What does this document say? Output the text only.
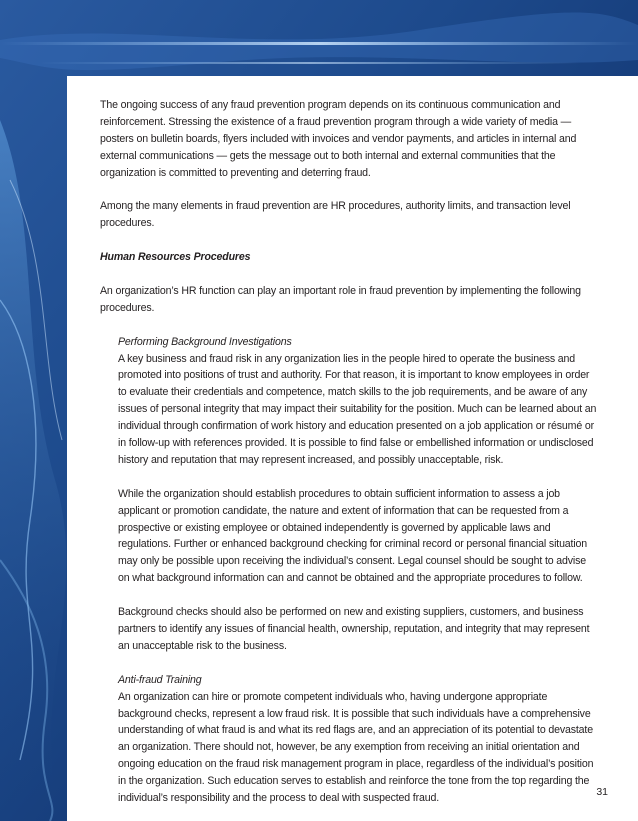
The ongoing success of any fraud prevention program depends on its continuous communication and reinforcement. Stressing the existence of a fraud prevention program through a wide variety of media — posters on bulletin boards, flyers included with invoices and vendor payments, and articles in internal and external communications — gets the message out to both internal and external communities that the organization is committed to preventing and deterring fraud.

Among the many elements in fraud prevention are HR procedures, authority limits, and transaction level procedures.

Human Resources Procedures

An organization’s HR function can play an important role in fraud prevention by implementing the following procedures.

Performing Background Investigations

A key business and fraud risk in any organization lies in the people hired to operate the business and promoted into positions of trust and authority. For that reason, it is important to know employees in order to evaluate their credentials and competence, match skills to the job requirements, and be aware of any issues of personal integrity that may impact their suitability for the position. Much can be learned about an individual through confirmation of work history and education presented on a job application or résumé or in follow-up with references provided. It is possible to find false or embellished information or undisclosed history and reputation that may represent increased, and possibly unacceptable, risk.

While the organization should establish procedures to obtain sufficient information to assess a job applicant or promotion candidate, the nature and extent of information that can be requested from a prospective or existing employee or obtained independently is governed by applicable laws and regulations. Further or enhanced background checking for criminal record or personal financial situation may only be possible upon receiving the individual’s consent. Legal counsel should be sought to advise on what background information can and cannot be obtained and the appropriate procedures to follow.

Background checks should also be performed on new and existing suppliers, customers, and business partners to identify any issues of financial health, ownership, reputation, and integrity that may represent an unacceptable risk to the business.

Anti-fraud Training

An organization can hire or promote competent individuals who, having undergone appropriate background checks, represent a low fraud risk. It is possible that such individuals have a comprehensive understanding of what fraud is and what its red flags are, and an appreciation of its potential to devastate an organization. There should not, however, be any exemption from receiving an initial orientation and ongoing education on the fraud risk management program in place, regardless of the individual’s position in the organization. Such education serves to establish and reinforce the tone from the top regarding the individual’s responsibility and the process to deal with suspected fraud.

31
